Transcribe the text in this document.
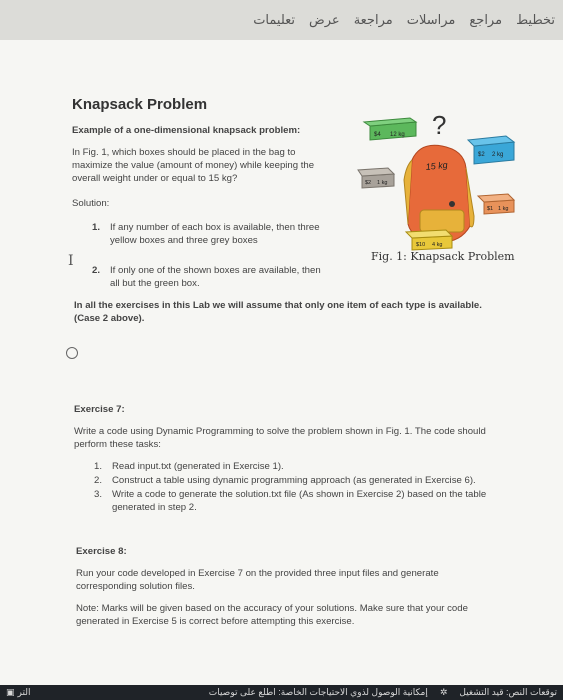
تخطيط
مراجع
مراسلات
مراجعة
عرض
تعليمات
Knapsack Problem
Example of a one-dimensional knapsack problem:
In Fig. 1, which boxes should be placed in the bag to
maximize the value (amount of money) while keeping the
overall weight under or equal to 15 kg?
Solution:
1. If any number of each box is available, then three
yellow boxes and three grey boxes
2. If only one of the shown boxes are available, then
all but the green box.
I
In all the exercises in this Lab we will assume that only one item of each type is available.
(Case 2 above).
?
$4 12 kg
$2 2 kg
$2 1 kg
15 kg
$1 1 kg
$10 4 kg
Fig. 1: Knapsack Problem
Exercise 7:
Write a code using Dynamic Programming to solve the problem shown in Fig. 1. The code should
perform these tasks:
1. Read input.txt (generated in Exercise 1).
2. Construct a table using dynamic programming approach (as generated in Exercise 6).
3. Write a code to generate the solution.txt file (As shown in Exercise 2) based on the table
generated in step 2.
Exercise 8:
Run your code developed in Exercise 7 on the provided three input files and generate
corresponding solution files.
Note: Marks will be given based on the accuracy of your solutions. Make sure that your code
generated in Exercise 5 is correct before attempting this exercise.
▣ التر	توقعات النص: قيد التشغيل
✲
إمكانية الوصول لذوي الاحتياجات الخاصة: اطلع على توصيات
